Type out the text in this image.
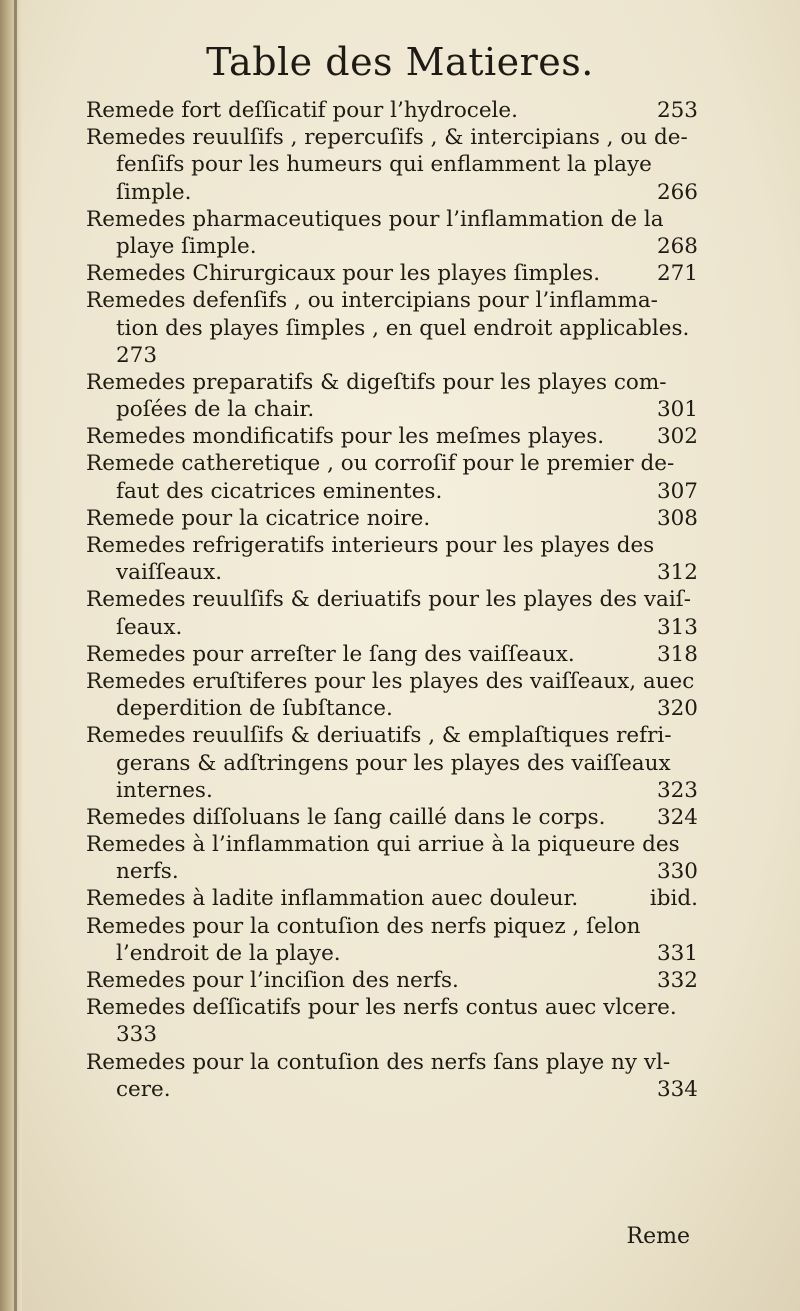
Table des Matieres.
Remede fort deſſicatif pour l’hydrocele.	253
Remedes reuulſifs , repercuſifs , & intercipians , ou de-
fenſifs pour les humeurs qui enflamment la playe
ſimple.	266
Remedes pharmaceutiques pour l’inflammation de la
playe ſimple.	268
Remedes Chirurgicaux pour les playes ſimples.	271
Remedes defenſifs , ou intercipians pour l’inflamma-
tion des playes ſimples , en quel endroit applicables.
273
Remedes preparatifs & digeſtifs pour les playes com-
poſées de la chair.	301
Remedes mondificatifs pour les meſmes playes. 302
Remede catheretique , ou corroſif pour le premier de-
faut des cicatrices eminentes.	307
Remede pour la cicatrice noire.	308
Remedes refrigeratifs interieurs pour les playes des
vaiſſeaux.	312
Remedes reuulſifs & deriuatifs pour les playes des vaiſ-
ſeaux.	313
Remedes pour arreſter le ſang des vaiſſeaux.	318
Remedes eruſtiferes pour les playes des vaiſſeaux, auec
deperdition de ſubſtance.	320
Remedes reuulſifs & deriuatifs , & emplaſtiques refri-
gerans & adſtringens pour les playes des vaiſſeaux
internes.	323
Remedes diſſoluans le ſang caillé dans le corps. 324
Remedes à l’inflammation qui arriue à la piqueure des
nerfs.	330
Remedes à ladite inflammation auec douleur.	ibid.
Remedes pour la contuſion des nerfs piquez , ſelon
l’endroit de la playe.	331
Remedes pour l’inciſion des nerfs.	332
Remedes deſſicatifs pour les nerfs contus auec vlcere.
333
Remedes pour la contuſion des nerfs ſans playe ny vl-
cere.	334
Reme
